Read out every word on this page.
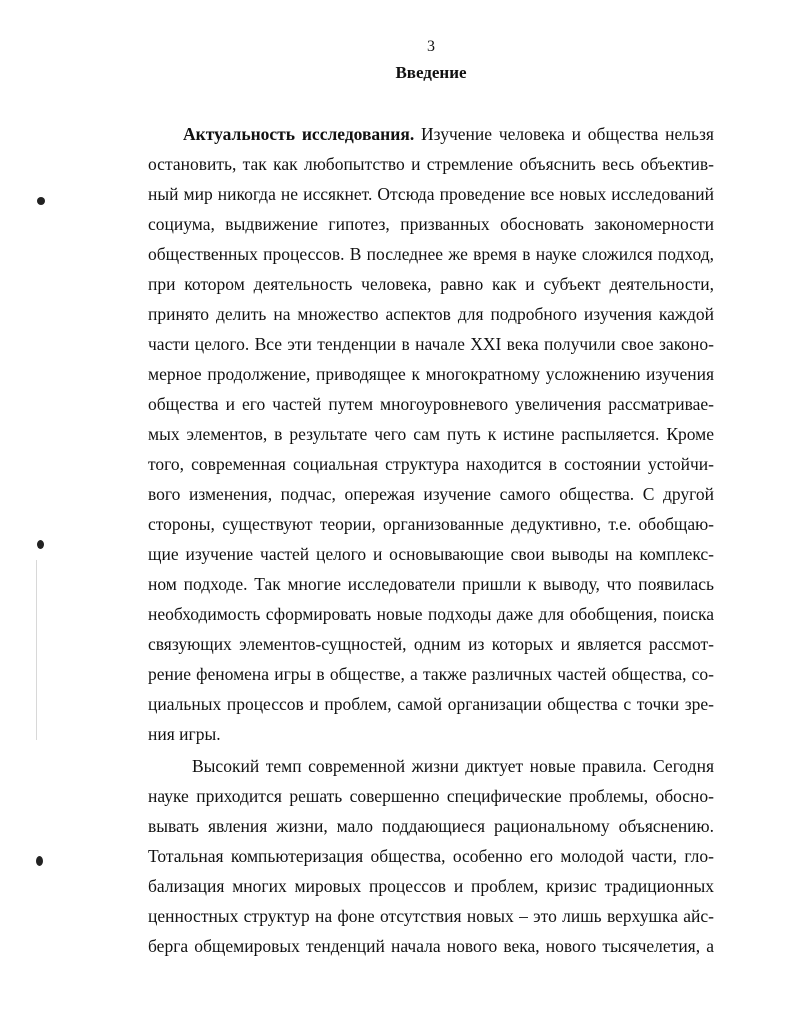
3
Введение
Актуальность исследования. Изучение человека и общества нельзя
остановить, так как любопытство и стремление объяснить весь объектив-
ный мир никогда не иссякнет. Отсюда проведение все новых исследований
социума, выдвижение гипотез, призванных обосновать закономерности
общественных процессов. В последнее же время в науке сложился подход,
при котором деятельность человека, равно как и субъект деятельности,
принято делить на множество аспектов для подробного изучения каждой
части целого. Все эти тенденции в начале XXI века получили свое законо-
мерное продолжение, приводящее к многократному усложнению изучения
общества и его частей путем многоуровневого увеличения рассматривае-
мых элементов, в результате чего сам путь к истине распыляется. Кроме
того, современная социальная структура находится в состоянии устойчи-
вого изменения, подчас, опережая изучение самого общества. С другой
стороны, существуют теории, организованные дедуктивно, т.е. обобщаю-
щие изучение частей целого и основывающие свои выводы на комплекс-
ном подходе. Так многие исследователи пришли к выводу, что появилась
необходимость сформировать новые подходы даже для обобщения, поиска
связующих элементов-сущностей, одним из которых и является рассмот-
рение феномена игры в обществе, а также различных частей общества, со-
циальных процессов и проблем, самой организации общества с точки зре-
ния игры.
Высокий темп современной жизни диктует новые правила. Сегодня
науке приходится решать совершенно специфические проблемы, обосно-
вывать явления жизни, мало поддающиеся рациональному объяснению.
Тотальная компьютеризация общества, особенно его молодой части, гло-
бализация многих мировых процессов и проблем, кризис традиционных
ценностных структур на фоне отсутствия новых – это лишь верхушка айс-
берга общемировых тенденций начала нового века, нового тысячелетия, а
